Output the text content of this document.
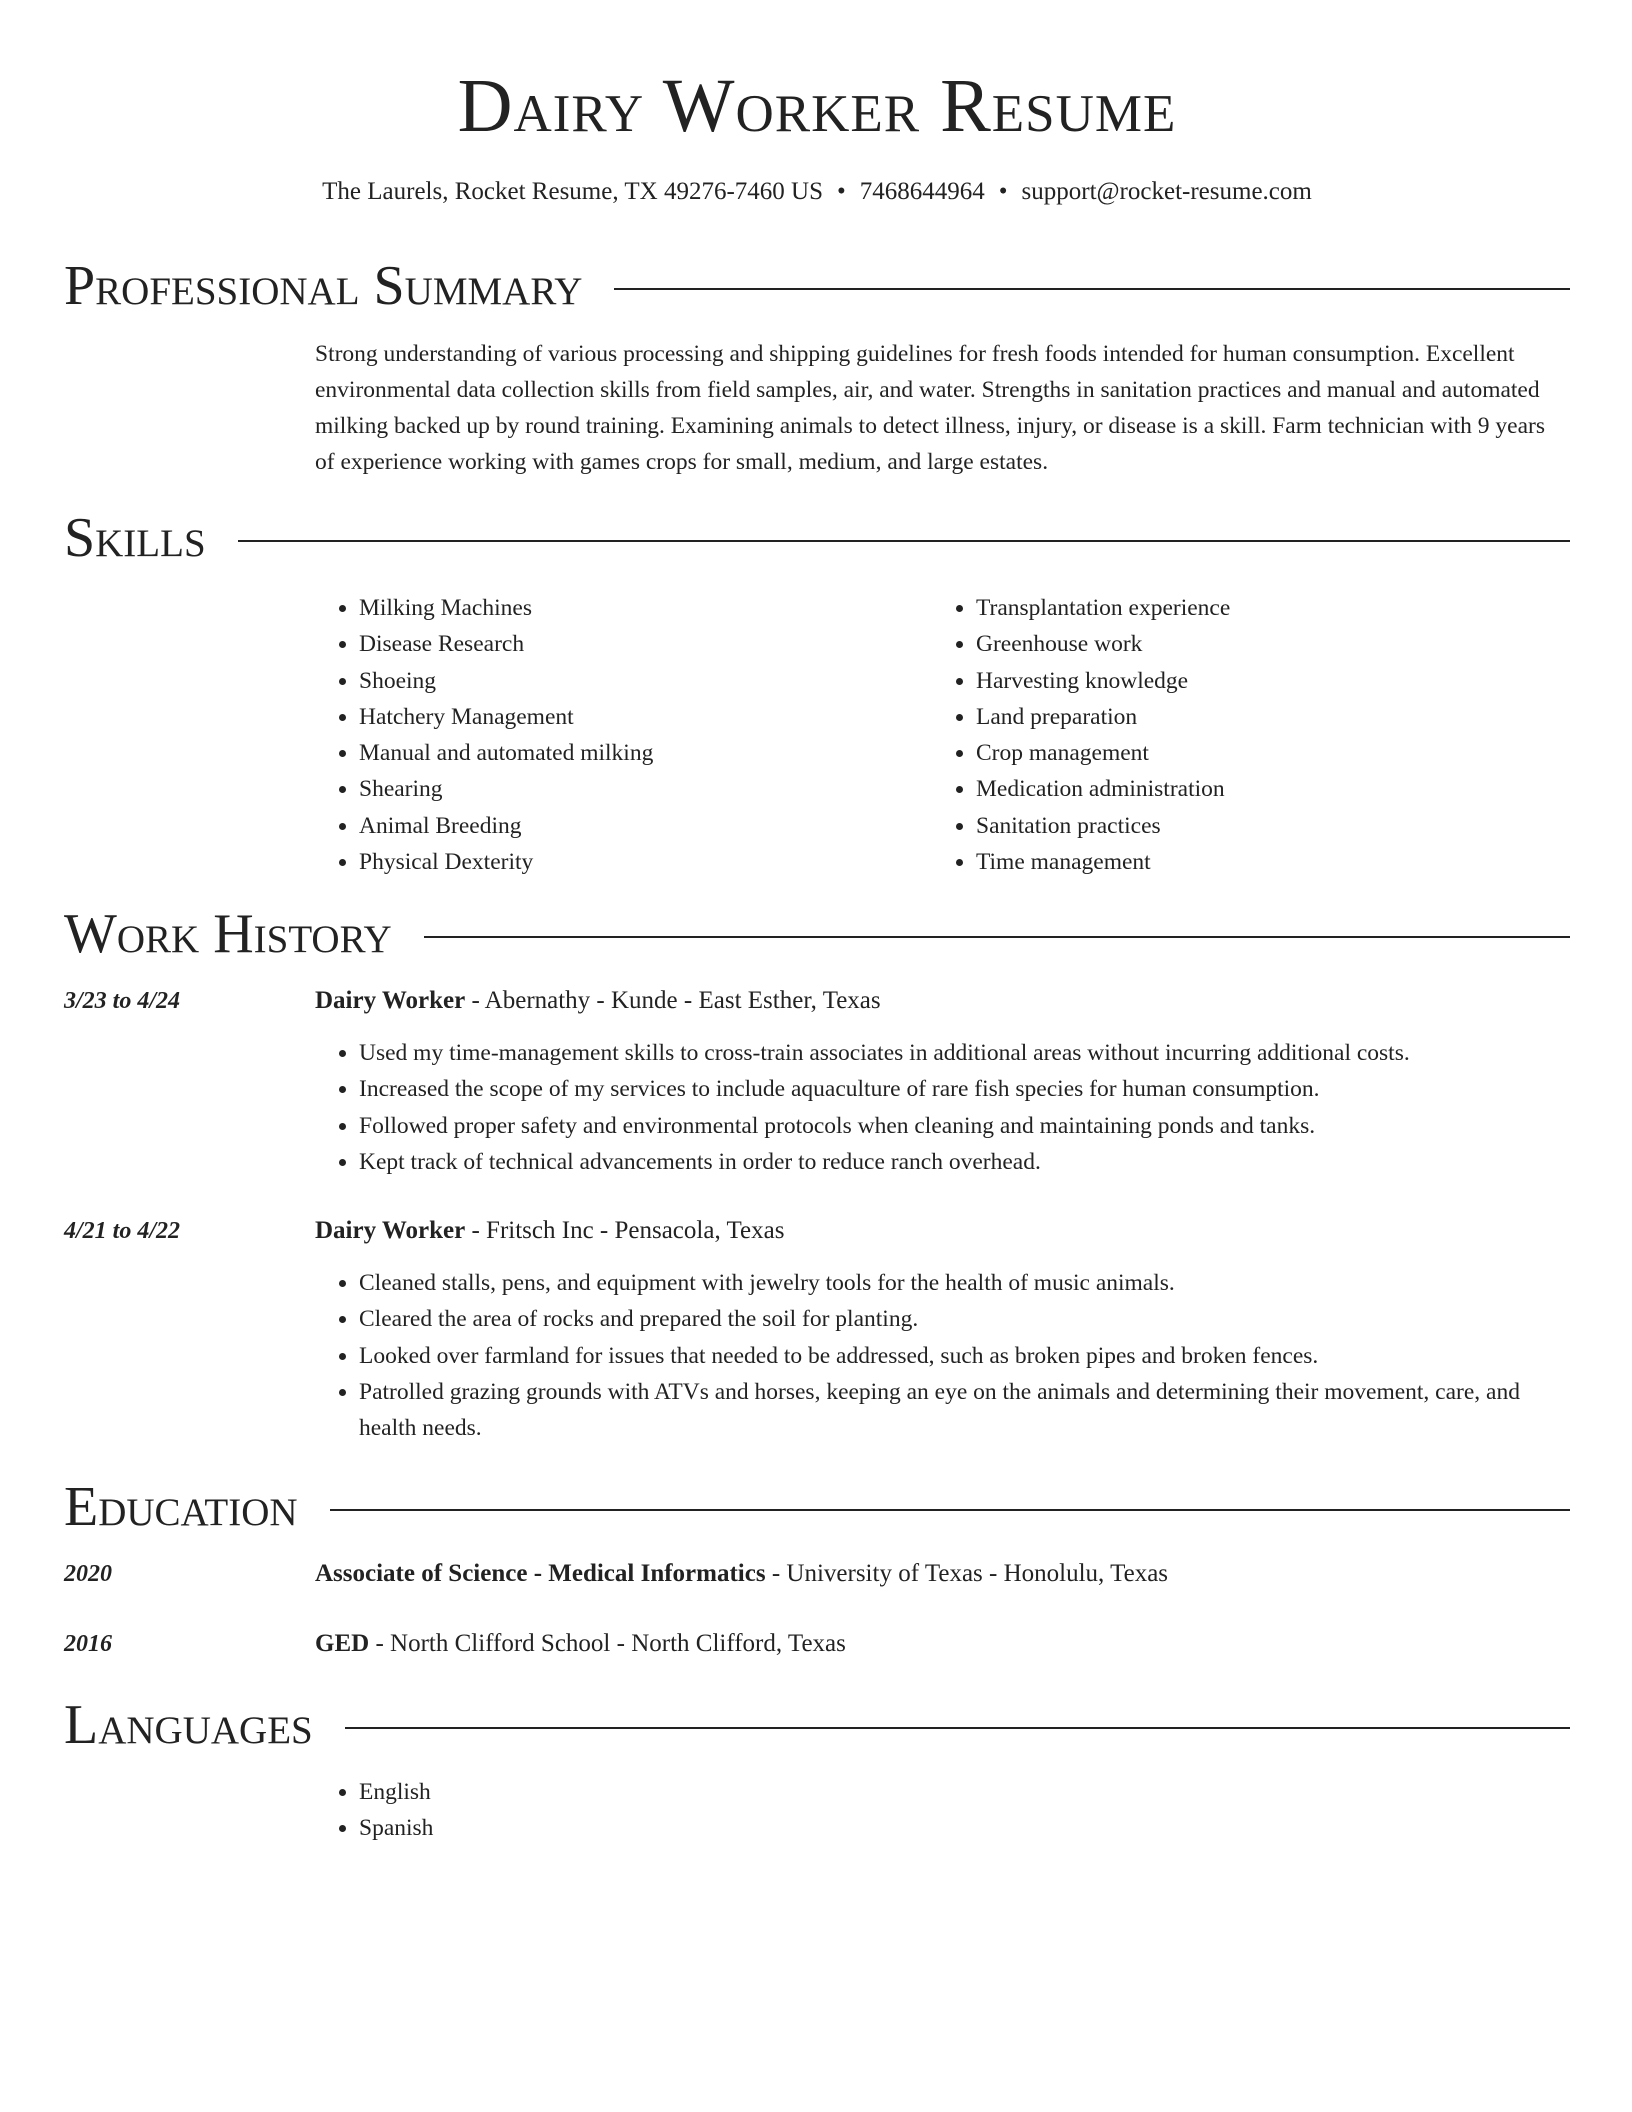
Dairy Worker Resume
The Laurels, Rocket Resume, TX 49276-7460 US • 7468644964 • support@rocket-resume.com
Professional Summary
Strong understanding of various processing and shipping guidelines for fresh foods intended for human consumption. Excellent environmental data collection skills from field samples, air, and water. Strengths in sanitation practices and manual and automated milking backed up by round training. Examining animals to detect illness, injury, or disease is a skill. Farm technician with 9 years of experience working with games crops for small, medium, and large estates.
Skills
• Milking Machines
• Disease Research
• Shoeing
• Hatchery Management
• Manual and automated milking
• Shearing
• Animal Breeding
• Physical Dexterity
• Transplantation experience
• Greenhouse work
• Harvesting knowledge
• Land preparation
• Crop management
• Medication administration
• Sanitation practices
• Time management
Work History
3/23 to 4/24	Dairy Worker - Abernathy - Kunde - East Esther, Texas
• Used my time-management skills to cross-train associates in additional areas without incurring additional costs.
• Increased the scope of my services to include aquaculture of rare fish species for human consumption.
• Followed proper safety and environmental protocols when cleaning and maintaining ponds and tanks.
• Kept track of technical advancements in order to reduce ranch overhead.
4/21 to 4/22	Dairy Worker - Fritsch Inc - Pensacola, Texas
• Cleaned stalls, pens, and equipment with jewelry tools for the health of music animals.
• Cleared the area of rocks and prepared the soil for planting.
• Looked over farmland for issues that needed to be addressed, such as broken pipes and broken fences.
• Patrolled grazing grounds with ATVs and horses, keeping an eye on the animals and determining their movement, care, and health needs.
Education
2020	Associate of Science - Medical Informatics - University of Texas - Honolulu, Texas
2016	GED - North Clifford School - North Clifford, Texas
Languages
• English
• Spanish
